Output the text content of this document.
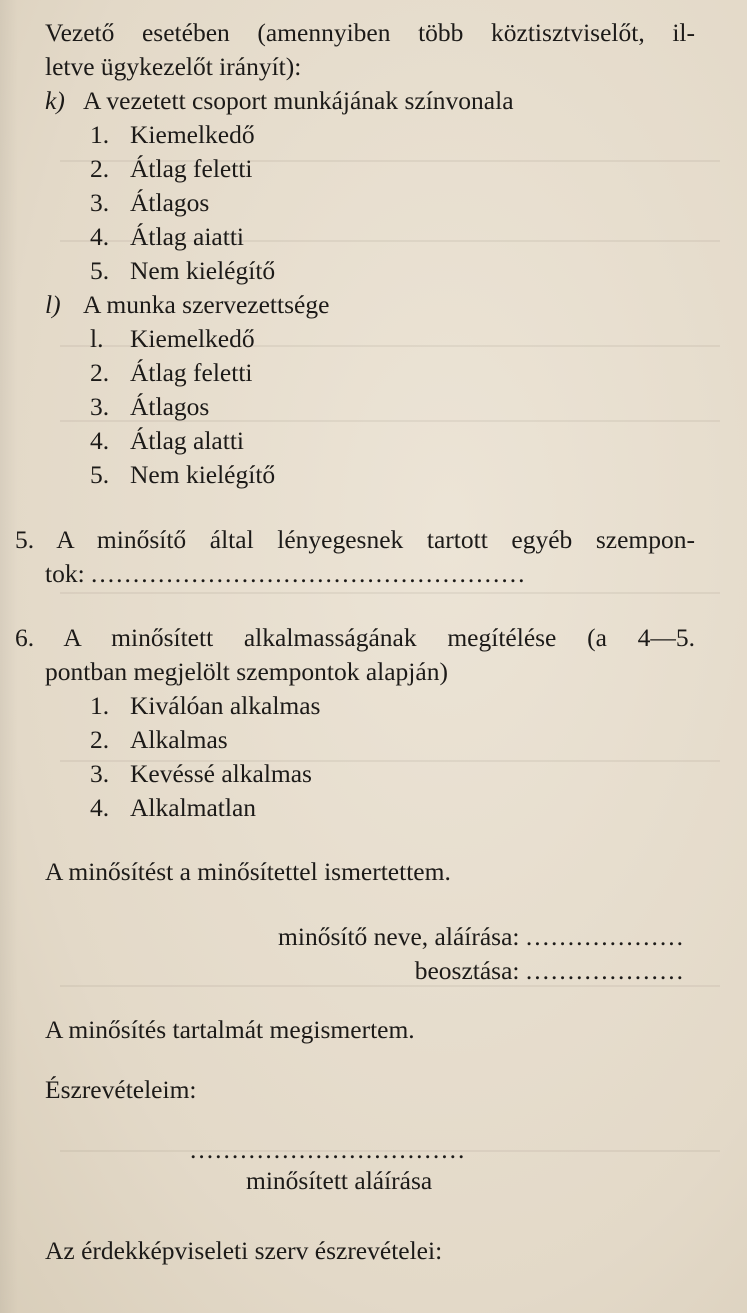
Vezető esetében (amennyiben több köztisztviselőt, il-
letve ügykezelőt irányít):
k) A vezetett csoport munkájának színvonala
1. Kiemelkedő
2. Átlag feletti
3. Átlagos
4. Átlag aiatti
5. Nem kielégítő
l) A munka szervezettsége
l. Kiemelkedő
2. Átlag feletti
3. Átlagos
4. Átlag alatti
5. Nem kielégítő
5. A minősítő által lényegesnek tartott egyéb szempon-
tok: ....................................................
6. A minősített alkalmasságának megítélése (a 4—5.
pontban megjelölt szempontok alapján)
1. Kiválóan alkalmas
2. Alkalmas
3. Kevéssé alkalmas
4. Alkalmatlan
A minősítést a minősítettel ismertettem.
minősítő neve, aláírása: ...................
beosztása: ...................
A minősítés tartalmát megismertem.
Észrevételeim:
.................................
minősített aláírása
Az érdekképviseleti szerv észrevételei:
